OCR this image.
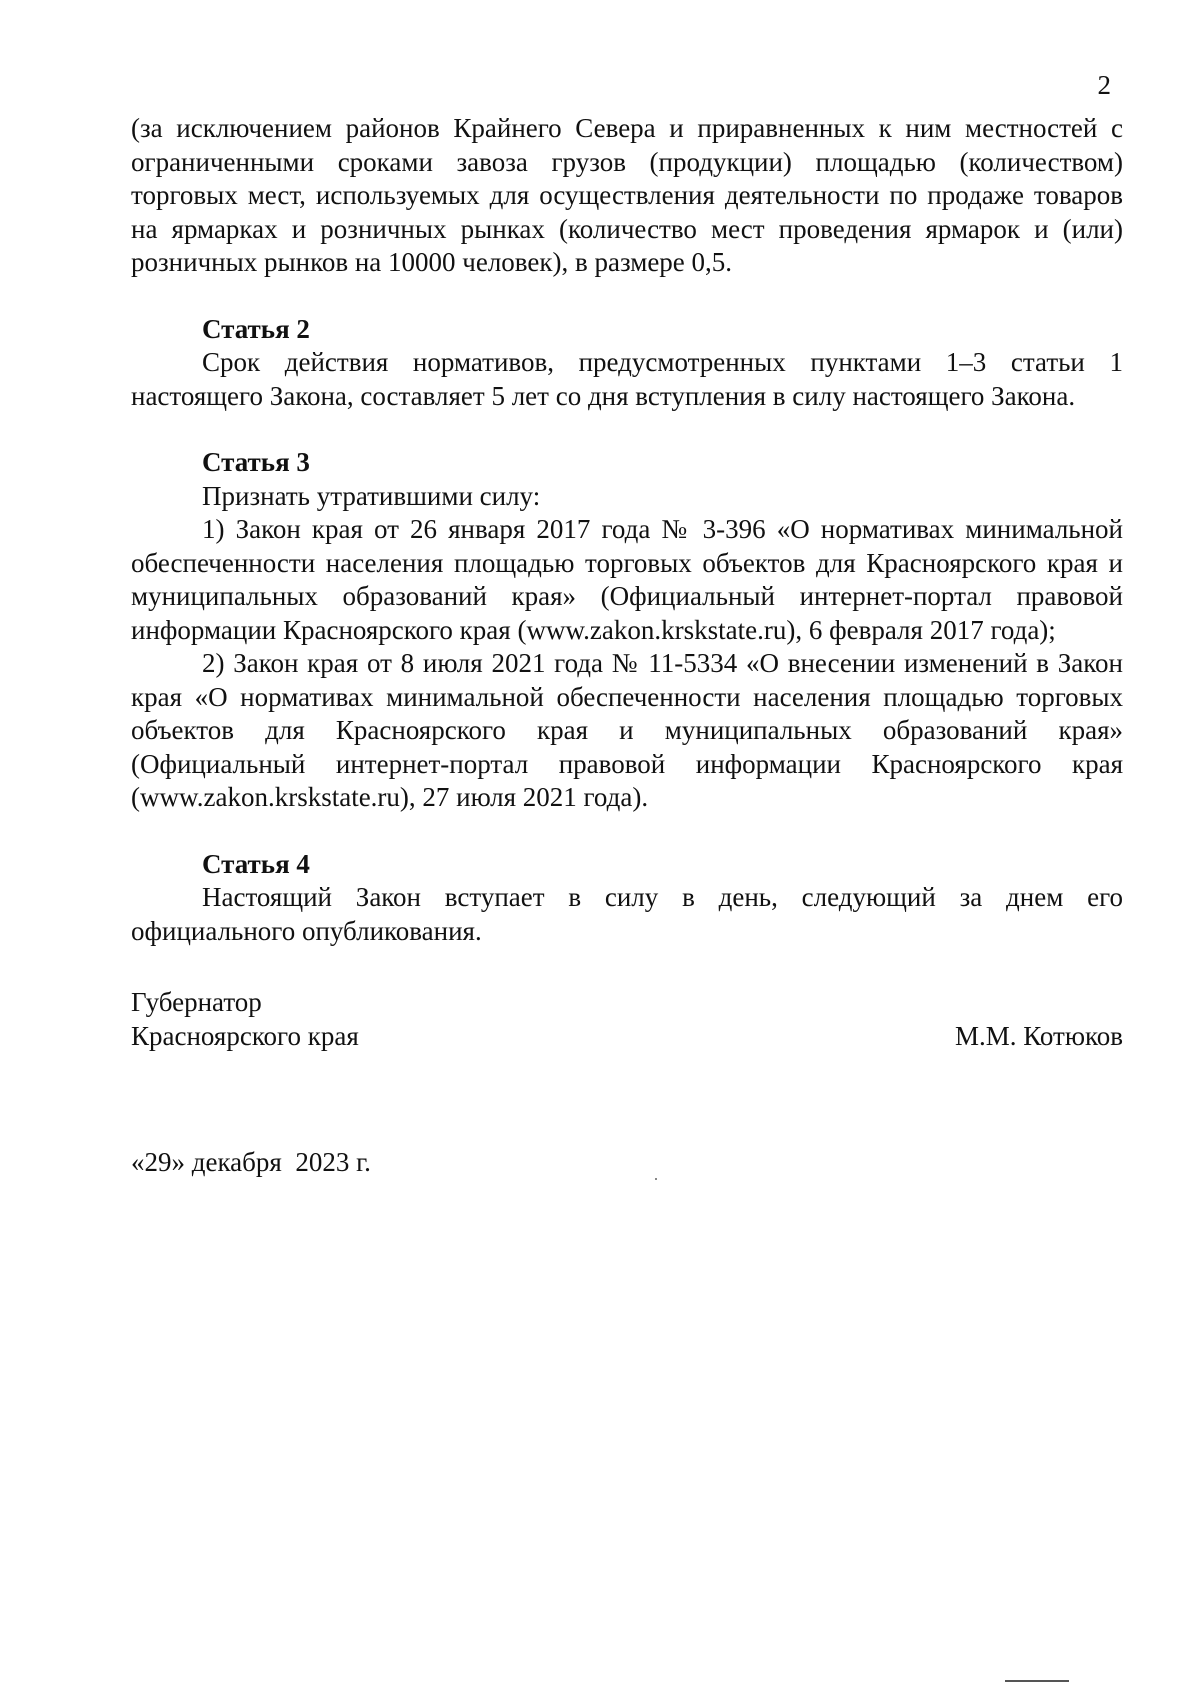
2

(за исключением районов Крайнего Севера и приравненных к ним местностей с ограниченными сроками завоза грузов (продукции) площадью (количеством) торговых мест, используемых для осуществления деятельности по продаже товаров на ярмарках и розничных рынках (количество мест проведения ярмарок и (или) розничных рынков на 10000 человек), в размере 0,5.

Статья 2

Срок действия нормативов, предусмотренных пунктами 1–3 статьи 1 настоящего Закона, составляет 5 лет со дня вступления в силу настоящего Закона.

Статья 3

Признать утратившими силу:

1) Закон края от 26 января 2017 года № 3-396 «О нормативах минимальной обеспеченности населения площадью торговых объектов для Красноярского края и муниципальных образований края» (Официальный интернет-портал правовой информации Красноярского края (www.zakon.krskstate.ru), 6 февраля 2017 года);

2) Закон края от 8 июля 2021 года № 11-5334 «О внесении изменений в Закон края «О нормативах минимальной обеспеченности населения площадью торговых объектов для Красноярского края и муниципальных образований края» (Официальный интернет-портал правовой информации Красноярского края (www.zakon.krskstate.ru), 27 июля 2021 года).

Статья 4

Настоящий Закон вступает в силу в день, следующий за днем его официального опубликования.

Губернатор
Красноярского края	М.М. Котюков
«29» декабря  2023 г.
